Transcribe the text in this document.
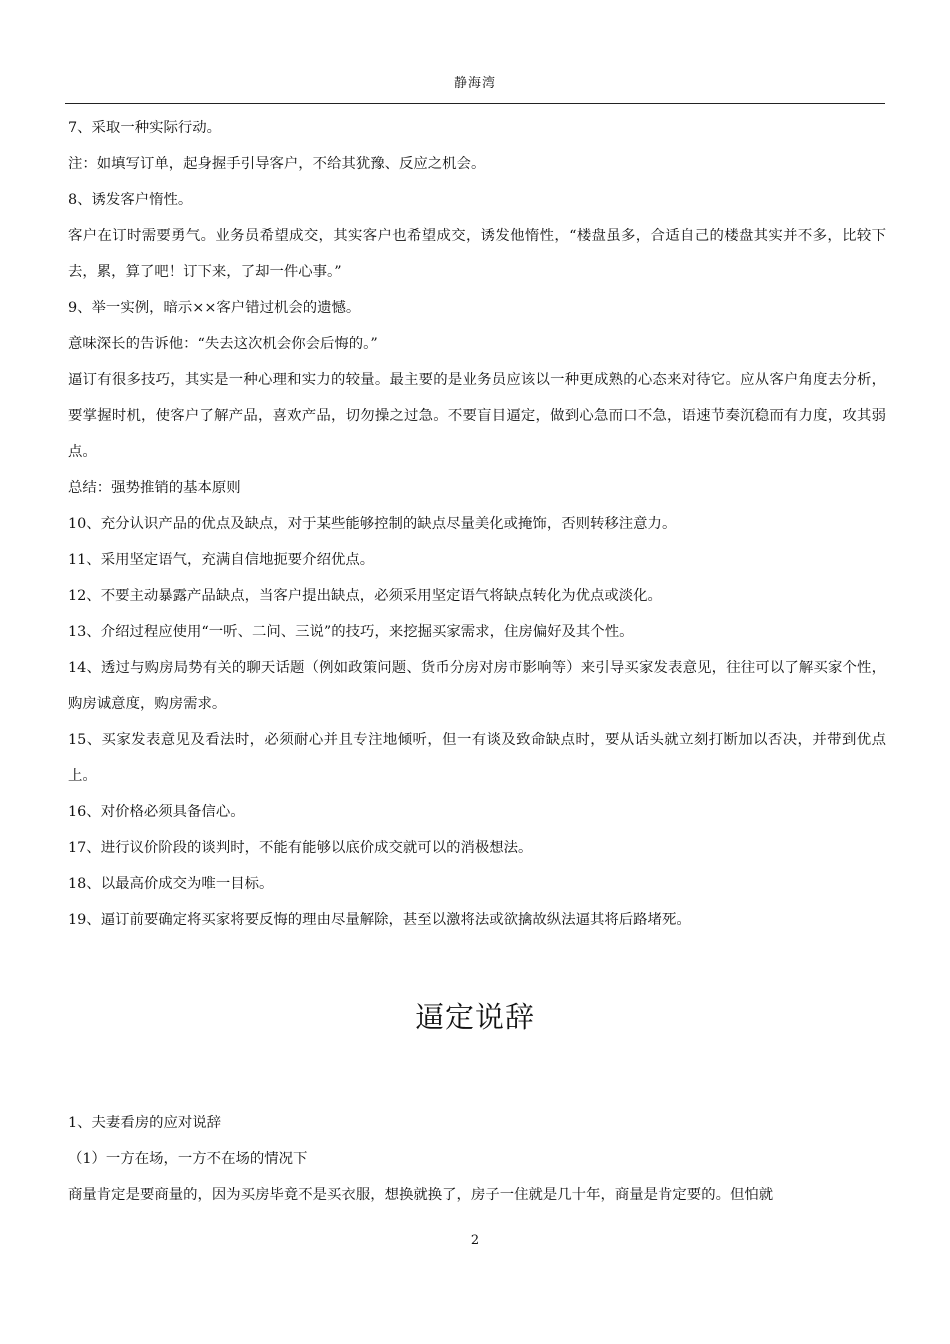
静海湾

7、采取一种实际行动。

注：如填写订单，起身握手引导客户，不给其犹豫、反应之机会。

8、诱发客户惰性。

客户在订时需要勇气。业务员希望成交，其实客户也希望成交，诱发他惰性，“楼盘虽多，合适自己的楼盘其实并不多，比较下去，累，算了吧！订下来，了却一件心事。”

9、举一实例，暗示××客户错过机会的遗憾。

意味深长的告诉他：“失去这次机会你会后悔的。”

逼订有很多技巧，其实是一种心理和实力的较量。最主要的是业务员应该以一种更成熟的心态来对待它。应从客户角度去分析，要掌握时机，使客户了解产品，喜欢产品，切勿操之过急。不要盲目逼定，做到心急而口不急，语速节奏沉稳而有力度，攻其弱点。

总结：强势推销的基本原则

10、充分认识产品的优点及缺点，对于某些能够控制的缺点尽量美化或掩饰，否则转移注意力。

11、采用坚定语气，充满自信地扼要介绍优点。

12、不要主动暴露产品缺点，当客户提出缺点，必须采用坚定语气将缺点转化为优点或淡化。

13、介绍过程应使用“一听、二问、三说”的技巧，来挖掘买家需求，住房偏好及其个性。

14、透过与购房局势有关的聊天话题（例如政策问题、货币分房对房市影响等）来引导买家发表意见，往往可以了解买家个性，购房诚意度，购房需求。

15、买家发表意见及看法时，必须耐心并且专注地倾听，但一有谈及致命缺点时，要从话头就立刻打断加以否决，并带到优点上。

16、对价格必须具备信心。

17、进行议价阶段的谈判时，不能有能够以底价成交就可以的消极想法。

18、以最高价成交为唯一目标。

19、逼订前要确定将买家将要反悔的理由尽量解除，甚至以激将法或欲擒故纵法逼其将后路堵死。

逼定说辞

1、夫妻看房的应对说辞

（1）一方在场，一方不在场的情况下

商量肯定是要商量的，因为买房毕竟不是买衣服，想换就换了，房子一住就是几十年，商量是肯定要的。但怕就

2
